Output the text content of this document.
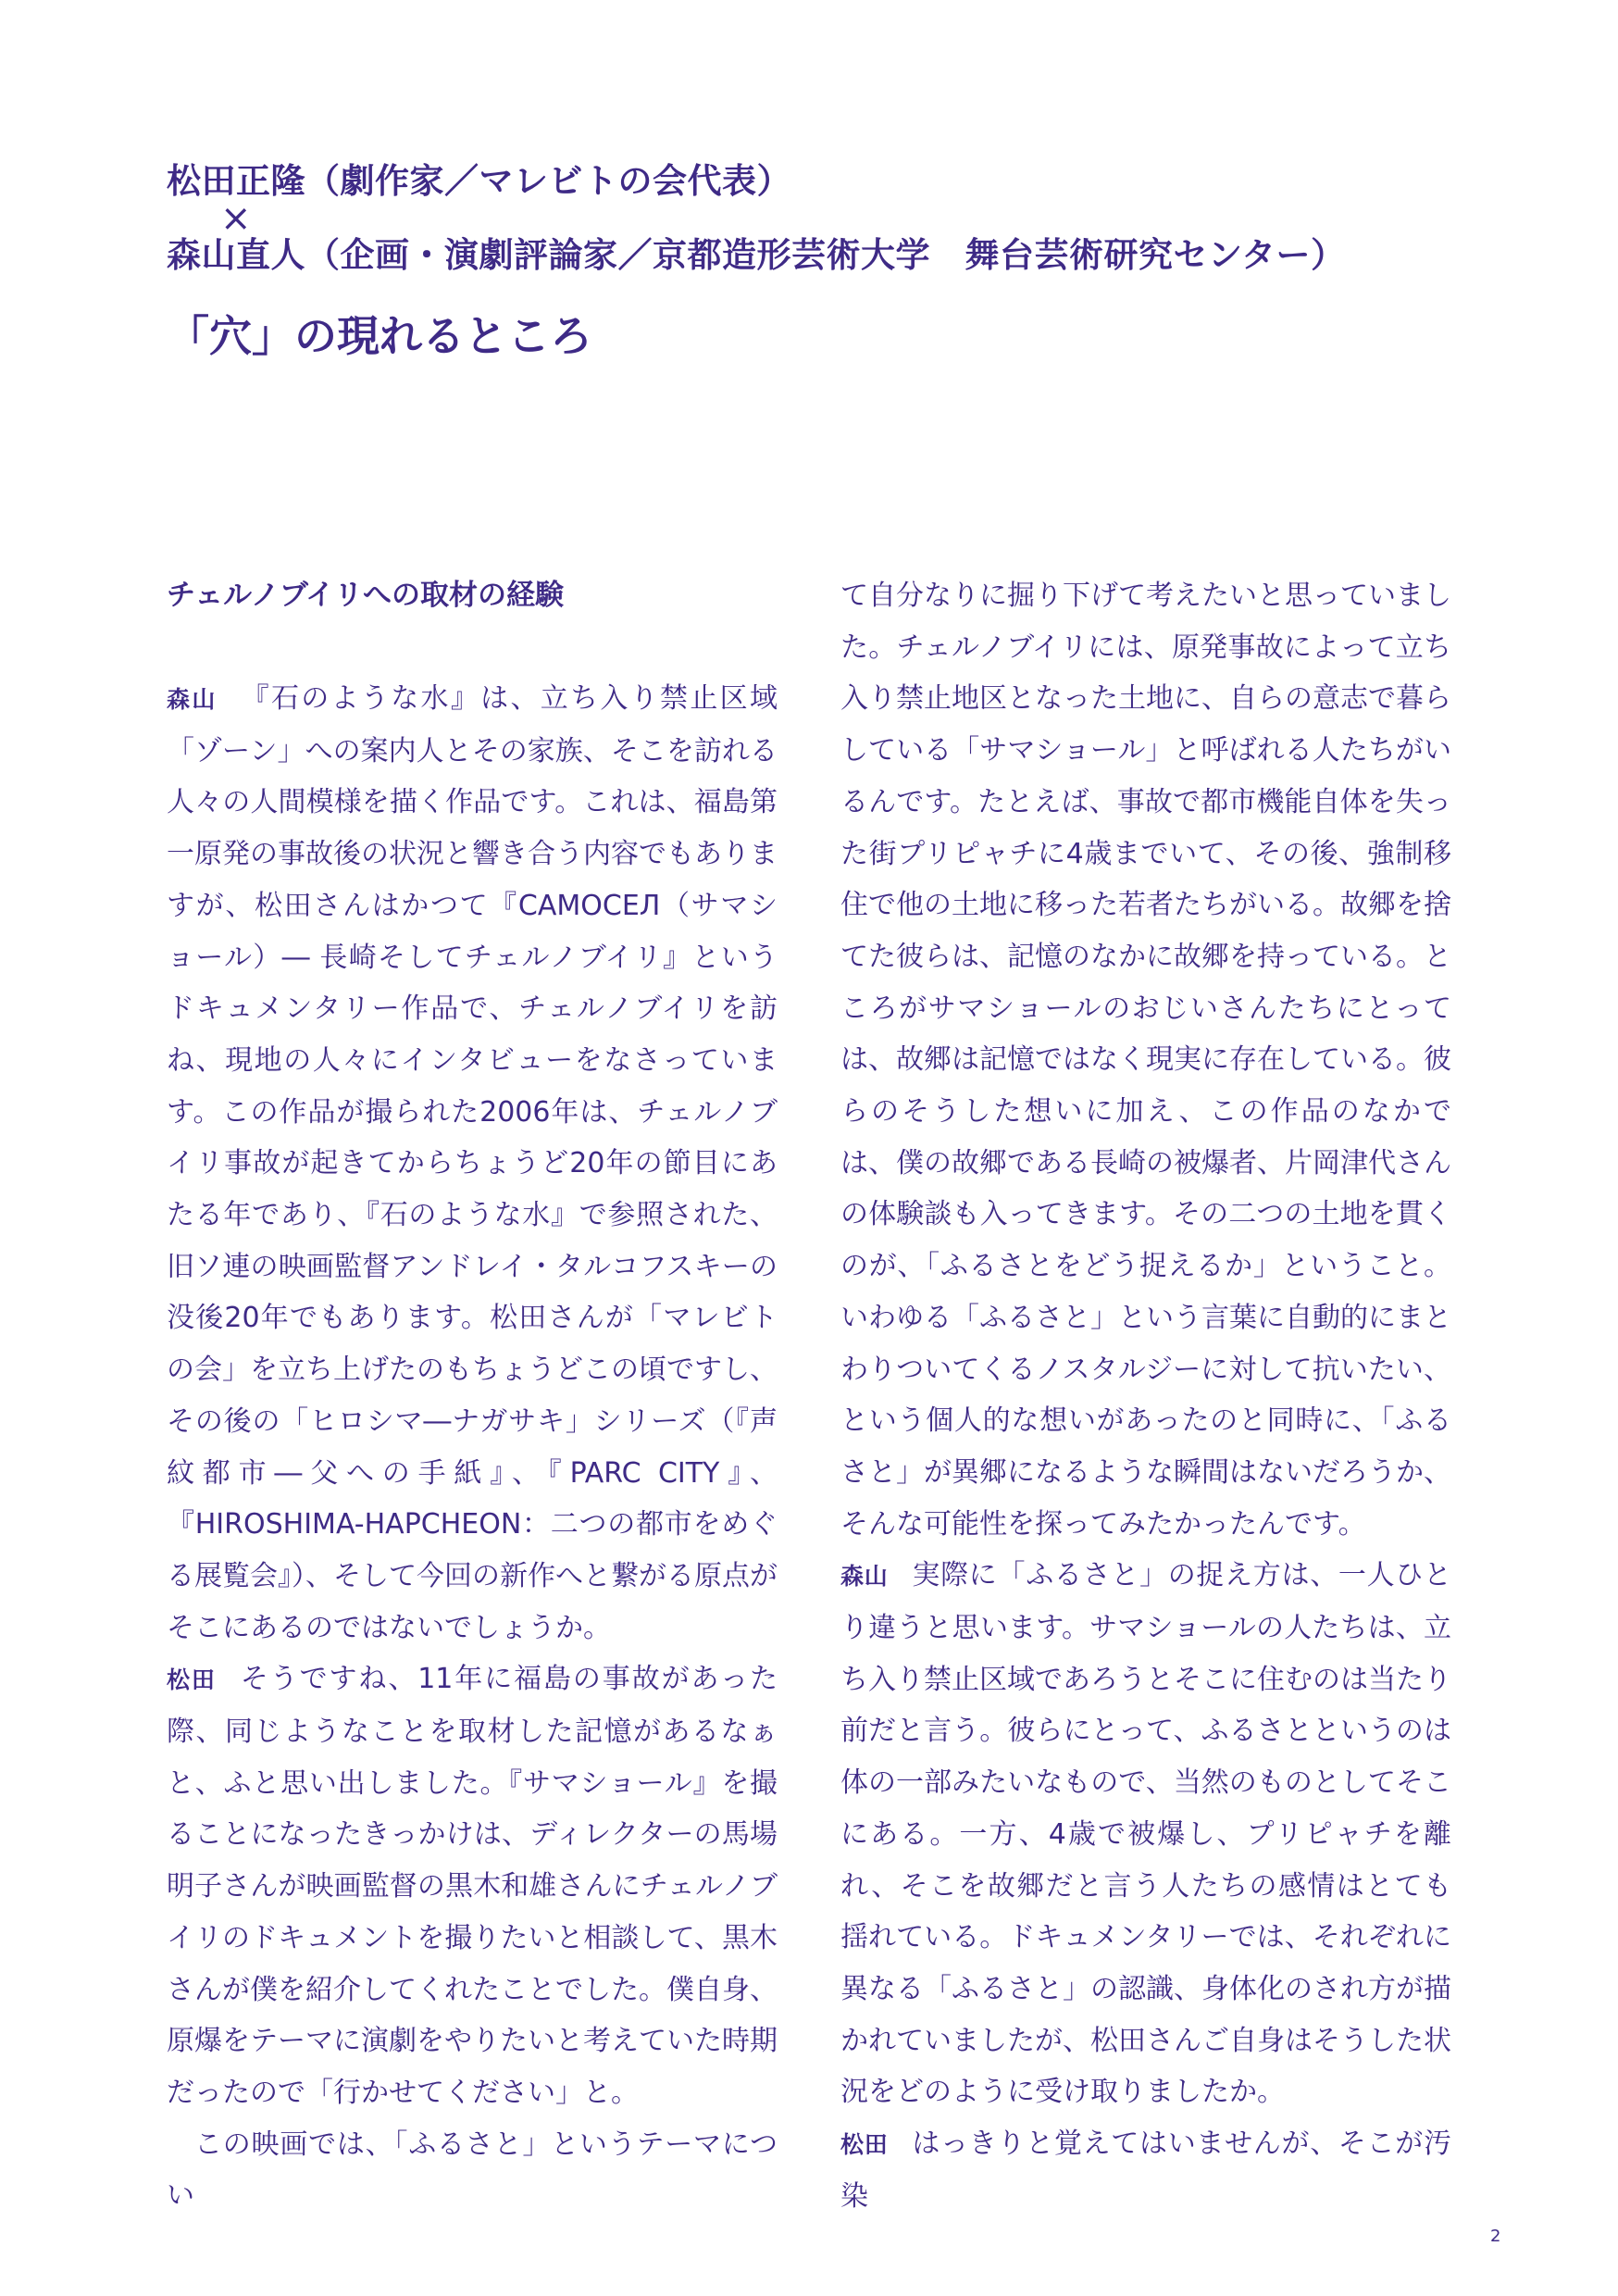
松田正隆（劇作家／マレビトの会代表）
×
森山直人（企画・演劇評論家／京都造形芸術大学　舞台芸術研究センター）
「穴」の現れるところ
チェルノブイリへの取材の経験

森山 『石のような水』は、立ち入り禁止区域「ゾーン」への案内人とその家族、そこを訪れる人々の人間模様を描く作品です。これは、福島第一原発の事故後の状況と響き合う内容でもありますが、松田さんはかつて『CAMOCEЛ（サマショール）― 長崎そしてチェルノブイリ』というドキュメンタリー作品で、チェルノブイリを訪ね、現地の人々にインタビューをなさっています。この作品が撮られた2006年は、チェルノブイリ事故が起きてからちょうど20年の節目にあたる年であり、『石のような水』で参照された、旧ソ連の映画監督アンドレイ・タルコフスキーの没後20年でもあります。松田さんが「マレビトの会」を立ち上げたのもちょうどこの頃ですし、その後の「ヒロシマ―ナガサキ」シリーズ（『声紋都市―父への手紙』、『PARC CITY』、『HIROSHIMA-HAPCHEON：二つの都市をめぐる展覧会』）、そして今回の新作へと繋がる原点がそこにあるのではないでしょうか。

松田 そうですね、11年に福島の事故があった際、同じようなことを取材した記憶があるなぁと、ふと思い出しました。『サマショール』を撮ることになったきっかけは、ディレクターの馬場明子さんが映画監督の黒木和雄さんにチェルノブイリのドキュメントを撮りたいと相談して、黒木さんが僕を紹介してくれたことでした。僕自身、原爆をテーマに演劇をやりたいと考えていた時期だったので「行かせてください」と。

この映画では、「ふるさと」というテーマについ

て自分なりに掘り下げて考えたいと思っていました。チェルノブイリには、原発事故によって立ち入り禁止地区となった土地に、自らの意志で暮らしている「サマショール」と呼ばれる人たちがいるんです。たとえば、事故で都市機能自体を失った街プリピャチに4歳までいて、その後、強制移住で他の土地に移った若者たちがいる。故郷を捨てた彼らは、記憶のなかに故郷を持っている。ところがサマショールのおじいさんたちにとっては、故郷は記憶ではなく現実に存在している。彼らのそうした想いに加え、この作品のなかでは、僕の故郷である長崎の被爆者、片岡津代さんの体験談も入ってきます。その二つの土地を貫くのが、「ふるさとをどう捉えるか」ということ。いわゆる「ふるさと」という言葉に自動的にまとわりついてくるノスタルジーに対して抗いたい、という個人的な想いがあったのと同時に、「ふるさと」が異郷になるような瞬間はないだろうか、そんな可能性を探ってみたかったんです。

森山 実際に「ふるさと」の捉え方は、一人ひとり違うと思います。サマショールの人たちは、立ち入り禁止区域であろうとそこに住むのは当たり前だと言う。彼らにとって、ふるさとというのは体の一部みたいなもので、当然のものとしてそこにある。一方、4歳で被爆し、プリピャチを離れ、そこを故郷だと言う人たちの感情はとても揺れている。ドキュメンタリーでは、それぞれに異なる「ふるさと」の認識、身体化のされ方が描かれていましたが、松田さんご自身はそうした状況をどのように受け取りましたか。

松田 はっきりと覚えてはいませんが、そこが汚染

2
